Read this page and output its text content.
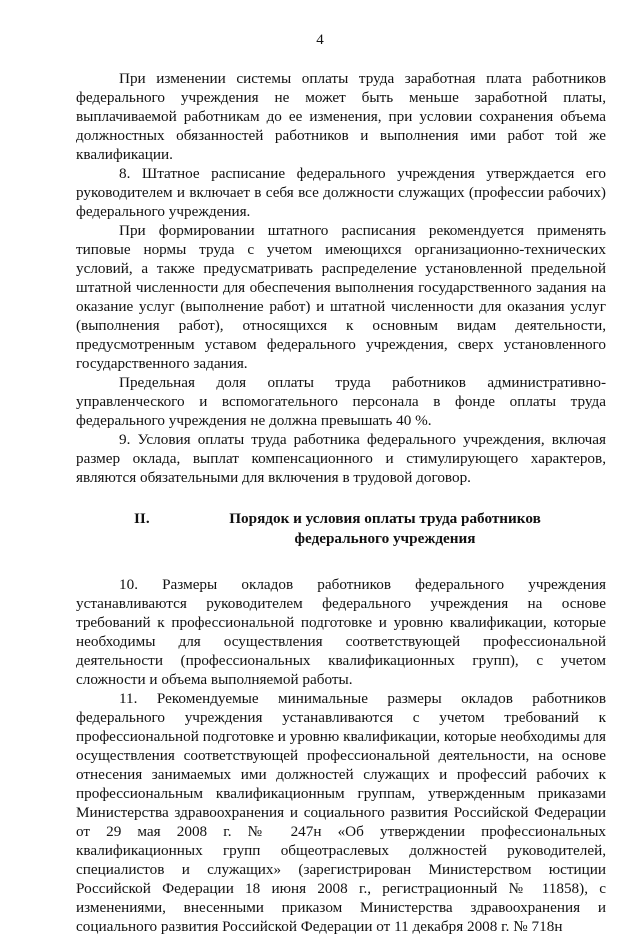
4

При изменении системы оплаты труда заработная плата работников федерального учреждения не может быть меньше заработной платы, выплачиваемой работникам до ее изменения, при условии сохранения объема должностных обязанностей работников и выполнения ими работ той же квалификации.

8. Штатное расписание федерального учреждения утверждается его руководителем и включает в себя все должности служащих (профессии рабочих) федерального учреждения.

При формировании штатного расписания рекомендуется применять типовые нормы труда с учетом имеющихся организационно-технических условий, а также предусматривать распределение установленной предельной штатной численности для обеспечения выполнения государственного задания на оказание услуг (выполнение работ) и штатной численности для оказания услуг (выполнения работ), относящихся к основным видам деятельности, предусмотренным уставом федерального учреждения, сверх установленного государственного задания.

Предельная доля оплаты труда работников административно-управленческого и вспомогательного персонала в фонде оплаты труда федерального учреждения не должна превышать 40 %.

9. Условия оплаты труда работника федерального учреждения, включая размер оклада, выплат компенсационного и стимулирующего характеров, являются обязательными для включения в трудовой договор.

II.	Порядок и условия оплаты труда работников федерального учреждения

10. Размеры окладов работников федерального учреждения устанавливаются руководителем федерального учреждения на основе требований к профессиональной подготовке и уровню квалификации, которые необходимы для осуществления соответствующей профессиональной деятельности (профессиональных квалификационных групп), с учетом сложности и объема выполняемой работы.

11. Рекомендуемые минимальные размеры окладов работников федерального учреждения устанавливаются с учетом требований к профессиональной подготовке и уровню квалификации, которые необходимы для осуществления соответствующей профессиональной деятельности, на основе отнесения занимаемых ими должностей служащих и профессий рабочих к профессиональным квалификационным группам, утвержденным приказами Министерства здравоохранения и социального развития Российской Федерации от 29 мая 2008 г. № 247н «Об утверждении профессиональных квалификационных групп общеотраслевых должностей руководителей, специалистов и служащих» (зарегистрирован Министерством юстиции Российской Федерации 18 июня 2008 г., регистрационный № 11858), с изменениями, внесенными приказом Министерства здравоохранения и социального развития Российской Федерации от 11 декабря 2008 г. № 718н
